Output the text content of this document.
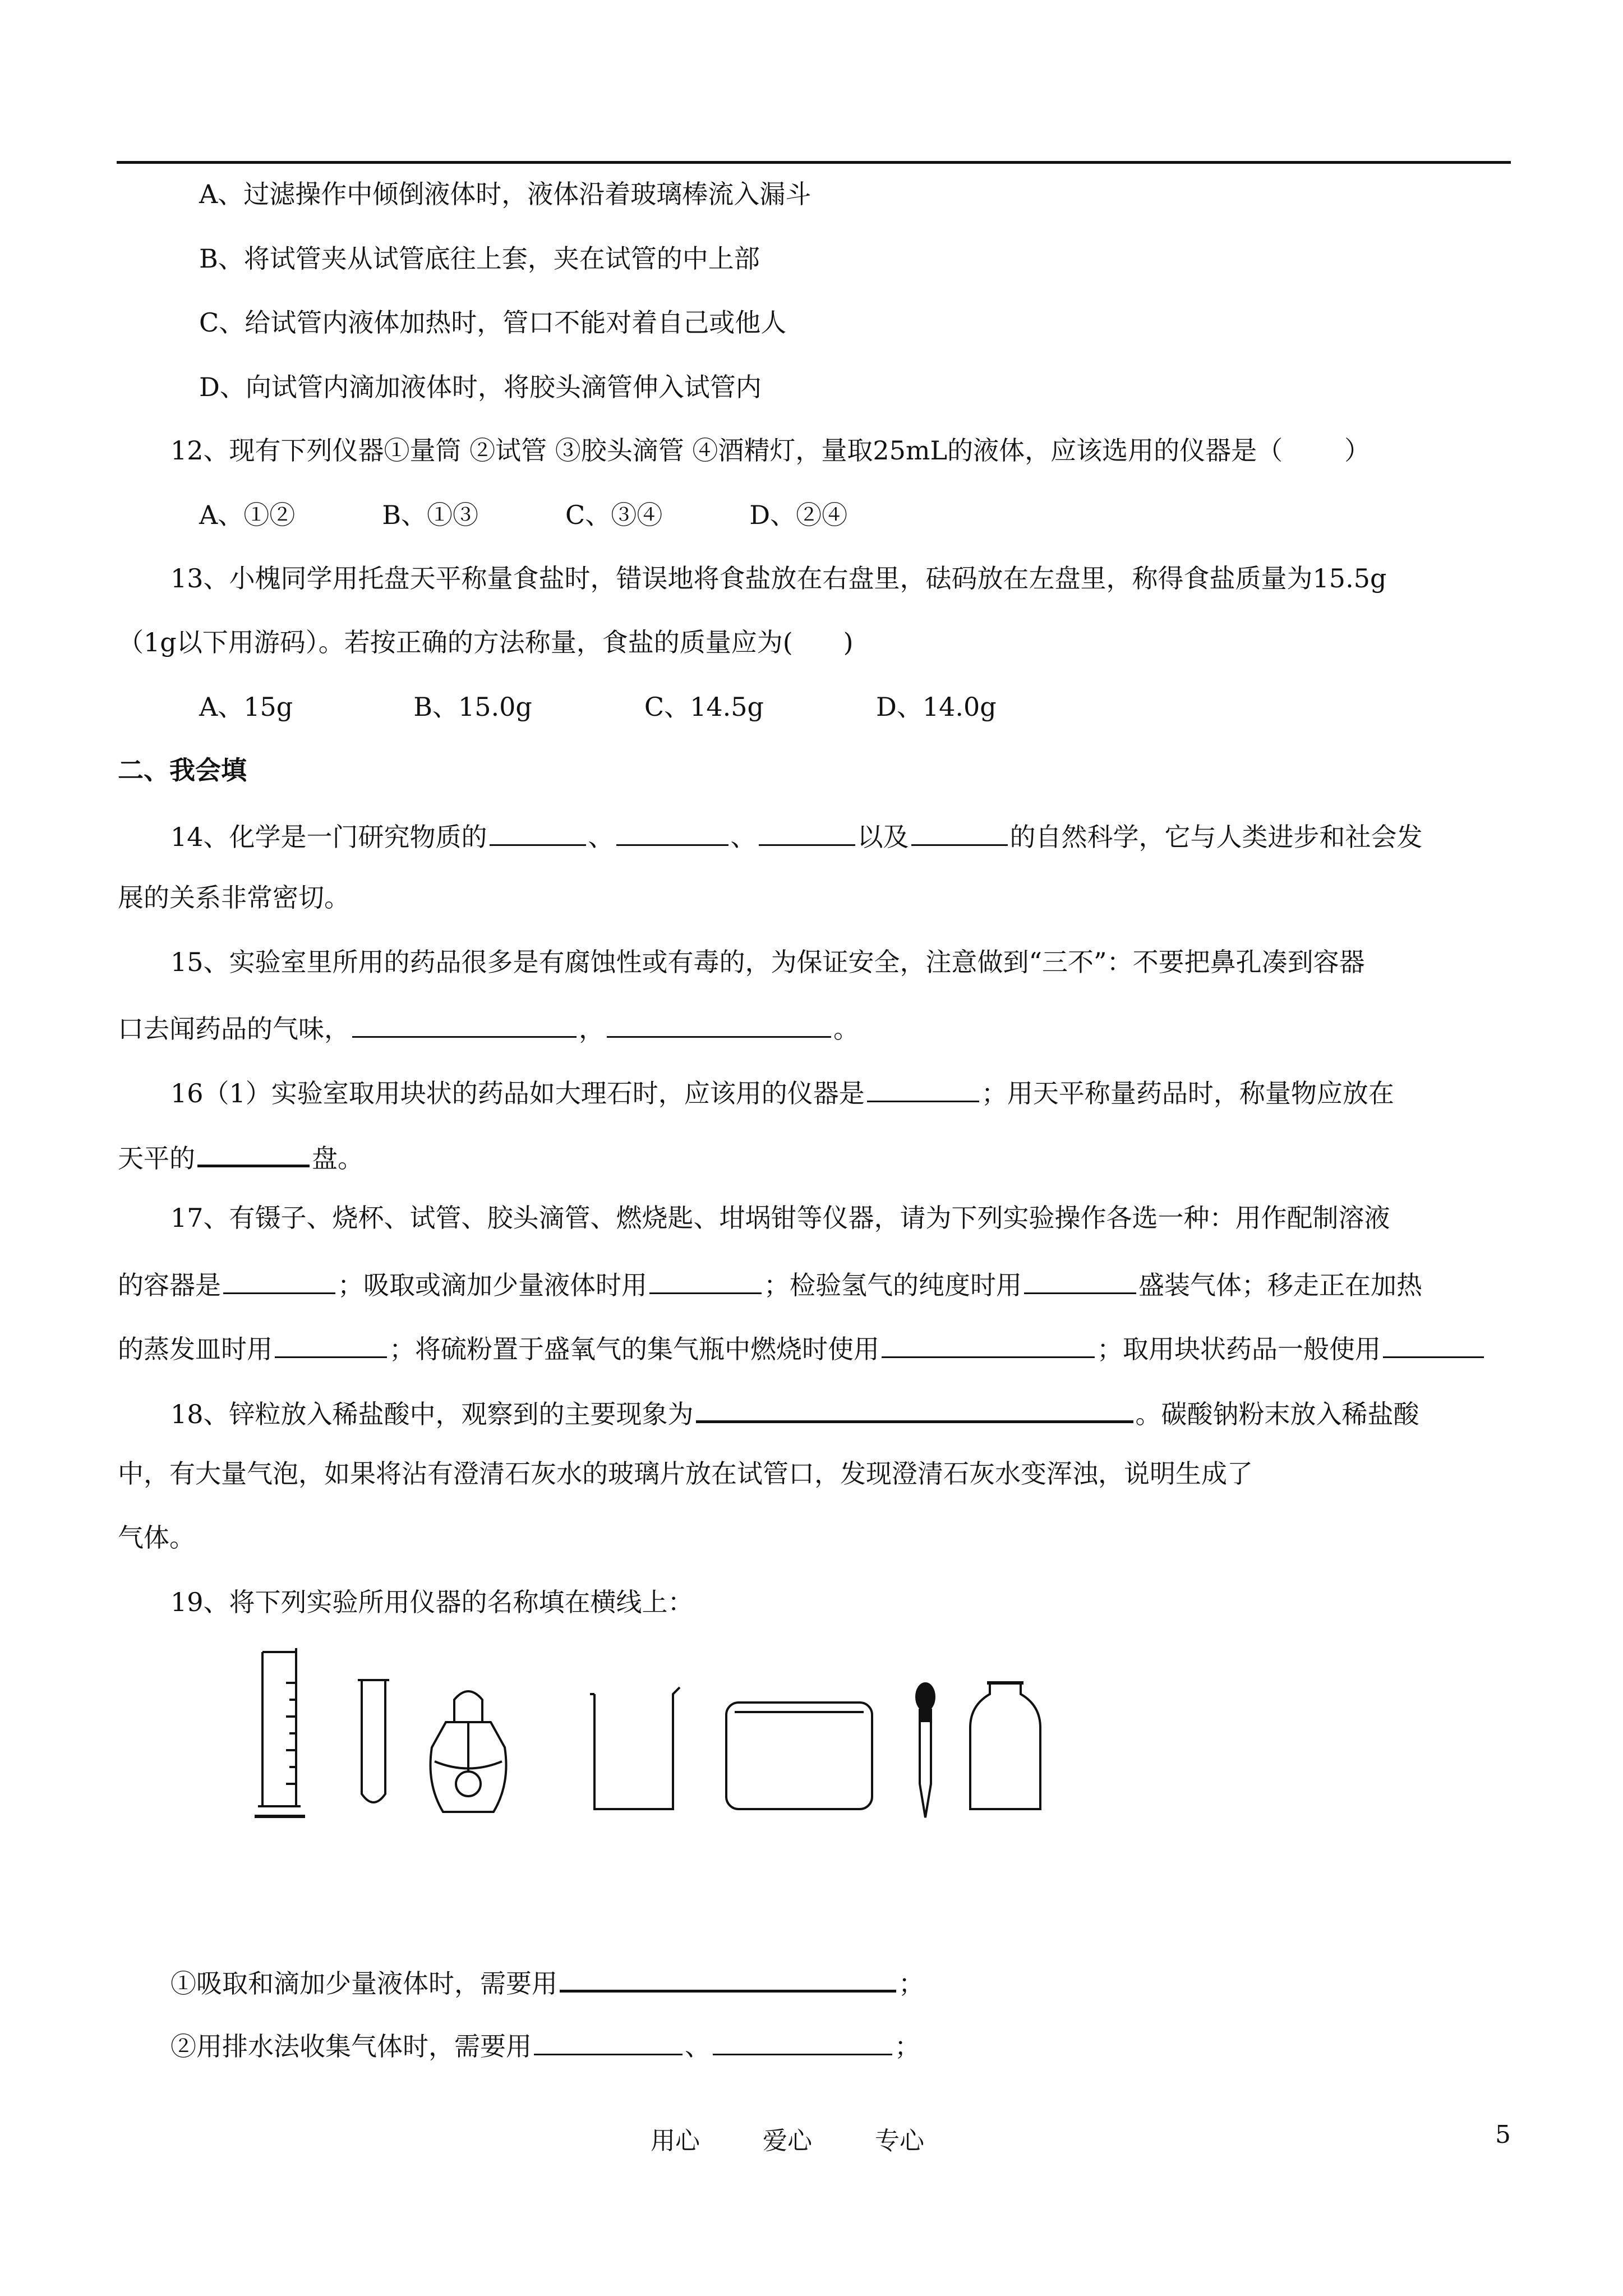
A、过滤操作中倾倒液体时，液体沿着玻璃棒流入漏斗
B、将试管夹从试管底往上套，夹在试管的中上部
C、给试管内液体加热时，管口不能对着自己或他人
D、向试管内滴加液体时，将胶头滴管伸入试管内
12、现有下列仪器①量筒 ②试管 ③胶头滴管 ④酒精灯，量取25mL的液体，应该选用的仪器是（ ）
A、①②	B、①③	C、③④	D、②④
13、小槐同学用托盘天平称量食盐时，错误地将食盐放在右盘里，砝码放在左盘里，称得食盐质量为15.5g
（1g以下用游码）。若按正确的方法称量，食盐的质量应为( )
A、15g	B、15.0g	C、14.5g	D、14.0g
二、我会填
14、化学是一门研究物质的	、	、	以及	的自然科学，它与人类进步和社会发
展的关系非常密切。
15、实验室里所用的药品很多是有腐蚀性或有毒的，为保证安全，注意做到“三不”：不要把鼻孔凑到容器
口去闻药品的气味，	，	。
16（1）实验室取用块状的药品如大理石时，应该用的仪器是	；用天平称量药品时，称量物应放在
天平的	盘。
17、有镊子、烧杯、试管、胶头滴管、燃烧匙、坩埚钳等仪器，请为下列实验操作各选一种：用作配制溶液
的容器是	；吸取或滴加少量液体时用	；检验氢气的纯度时用	盛装气体；移走正在加热
的蒸发皿时用	；将硫粉置于盛氧气的集气瓶中燃烧时使用	；取用块状药品一般使用
18、锌粒放入稀盐酸中，观察到的主要现象为	。碳酸钠粉末放入稀盐酸
中，有大量气泡，如果将沾有澄清石灰水的玻璃片放在试管口，发现澄清石灰水变浑浊，说明生成了
气体。
19、将下列实验所用仪器的名称填在横线上：
①吸取和滴加少量液体时，需要用	；
②用排水法收集气体时，需要用	、	；
用心	爱心	专心	5
